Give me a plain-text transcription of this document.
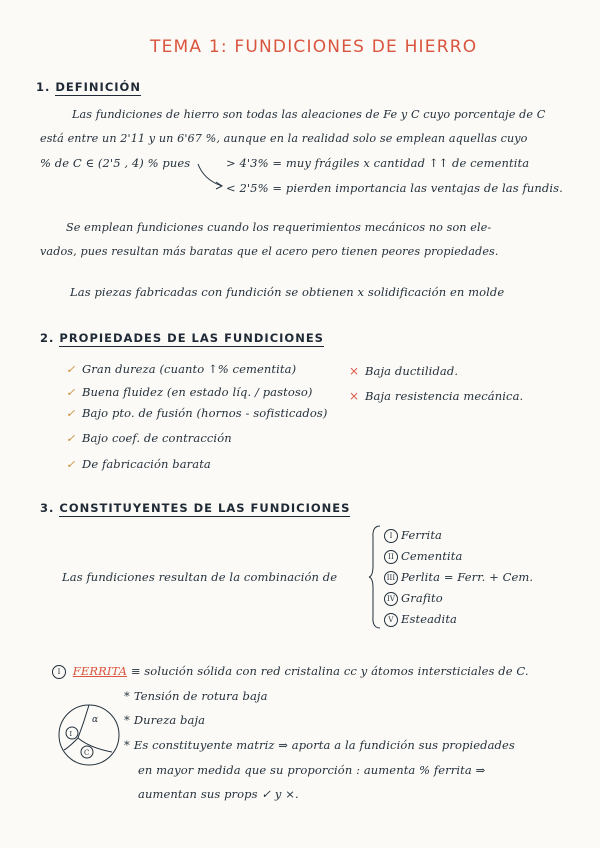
TEMA 1: FUNDICIONES DE HIERRO
1. DEFINICIÓN
Las fundiciones de hierro son todas las aleaciones de Fe y C cuyo porcentaje de C
está entre un 2'11 y un 6'67 %, aunque en la realidad solo se emplean aquellas cuyo
% de C ∈ (2'5 , 4) % pues	> 4'3% = muy frágiles x cantidad ↑↑ de cementita
< 2'5% = pierden importancia las ventajas de las fundis.
Se emplean fundiciones cuando los requerimientos mecánicos no son ele-
vados, pues resultan más baratas que el acero pero tienen peores propiedades.
Las piezas fabricadas con fundición se obtienen x solidificación en molde
2. PROPIEDADES DE LAS FUNDICIONES
✓ Gran dureza (cuanto ↑% cementita)
✓ Buena fluidez (en estado líq. / pastoso)
✓ Bajo pto. de fusión (hornos - sofisticados)
✓ Bajo coef. de contracción
✓ De fabricación barata
× Baja ductilidad.
× Baja resistencia mecánica.
3. CONSTITUYENTES DE LAS FUNDICIONES
Las fundiciones resultan de la combinación de
I Ferrita
II Cementita
III Perlita = Ferr. + Cem.
IV Grafito
V Esteadita
I FERRITA ≡ solución sólida con red cristalina cc y átomos intersticiales de C.
α
I
C
* Tensión de rotura baja
* Dureza baja
* Es constituyente matriz ⇒ aporta a la fundición sus propiedades
en mayor medida que su proporción : aumenta % ferrita ⇒
aumentan sus props ✓ y ×.
